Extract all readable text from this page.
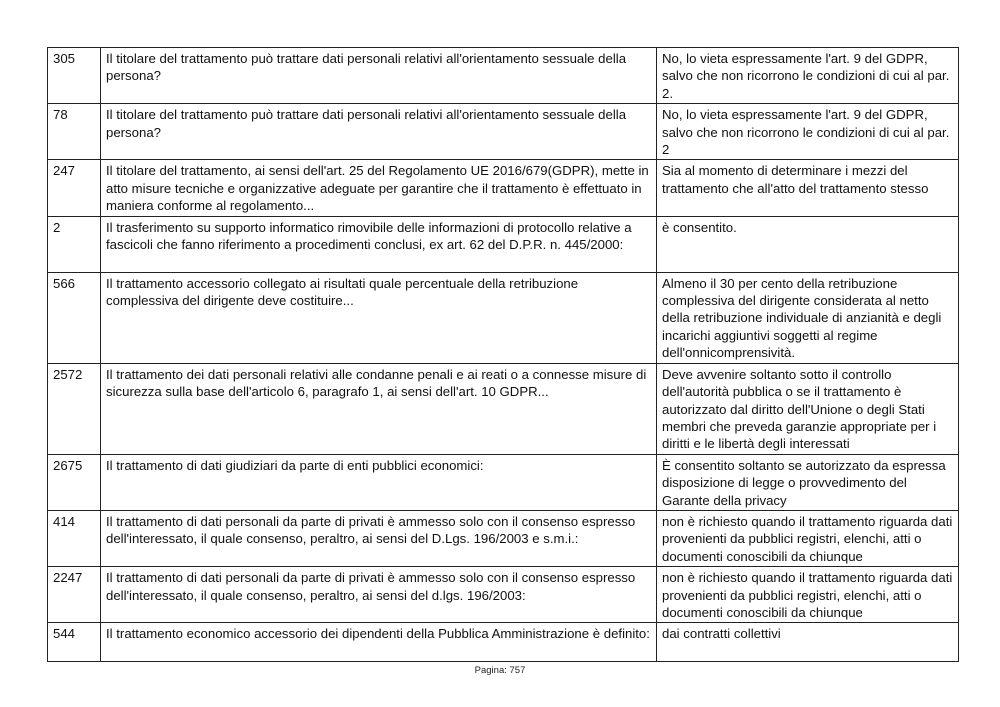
305	Il titolare del trattamento può trattare dati personali relativi all'orientamento sessuale della persona?	No, lo vieta espressamente l'art. 9 del GDPR, salvo che non ricorrono le condizioni di cui al par. 2.
78	Il titolare del trattamento può trattare dati personali relativi all'orientamento sessuale della persona?	No, lo vieta espressamente l'art. 9 del GDPR, salvo che non ricorrono le condizioni di cui al par. 2
247	Il titolare del trattamento, ai sensi dell'art. 25 del Regolamento UE 2016/679(GDPR), mette in atto misure tecniche e organizzative adeguate per garantire che il trattamento è effettuato in maniera conforme al regolamento...	Sia al momento di determinare i mezzi del trattamento che all'atto del trattamento stesso
2	Il trasferimento su supporto informatico rimovibile delle informazioni di protocollo relative a fascicoli che fanno riferimento a procedimenti conclusi, ex art. 62 del D.P.R. n. 445/2000:	è consentito.
566	Il trattamento accessorio collegato ai risultati quale percentuale della retribuzione complessiva del dirigente deve costituire...	Almeno il 30 per cento della retribuzione complessiva del dirigente considerata al netto della retribuzione individuale di anzianità e degli incarichi aggiuntivi soggetti al regime dell'onnicomprensività.
2572	Il trattamento dei dati personali relativi alle condanne penali e ai reati o a connesse misure di sicurezza sulla base dell'articolo 6, paragrafo 1, ai sensi dell'art. 10 GDPR...	Deve avvenire soltanto sotto il controllo dell'autorità pubblica o se il trattamento è autorizzato dal diritto dell'Unione o degli Stati membri che preveda garanzie appropriate per i diritti e le libertà degli interessati
2675	Il trattamento di dati giudiziari da parte di enti pubblici economici:	È consentito soltanto se autorizzato da espressa disposizione di legge o provvedimento del Garante della privacy
414	Il trattamento di dati personali da parte di privati è ammesso solo con il consenso espresso dell'interessato, il quale consenso, peraltro, ai sensi del D.Lgs. 196/2003 e s.m.i.:	non è richiesto quando il trattamento riguarda dati provenienti da pubblici registri, elenchi, atti o documenti conoscibili da chiunque
2247	Il trattamento di dati personali da parte di privati è ammesso solo con il consenso espresso dell'interessato, il quale consenso, peraltro, ai sensi del d.lgs. 196/2003:	non è richiesto quando il trattamento riguarda dati provenienti da pubblici registri, elenchi, atti o documenti conoscibili da chiunque
544	Il trattamento economico accessorio dei dipendenti della Pubblica Amministrazione è definito:	dai contratti collettivi
Pagina: 757
